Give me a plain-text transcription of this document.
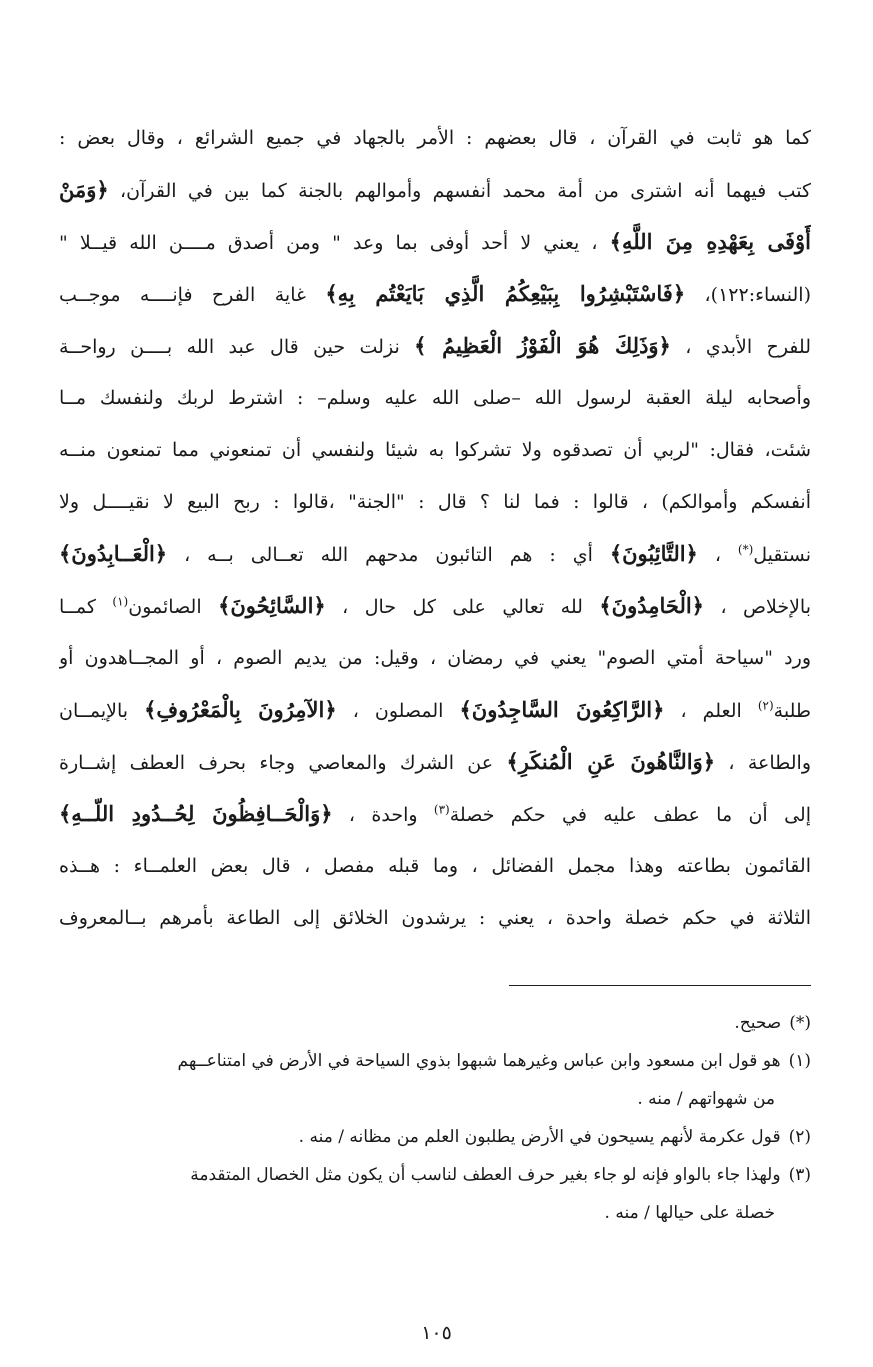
كما هو ثابت في القرآن ، قال بعضهم : الأمر بالجهاد في جميع الشرائع ، وقال بعض :
كتب فيهما أنه اشترى من أمة محمد أنفسهم وأموالهم بالجنة كما بين في القرآن، ﴿وَمَنْ
أَوْفَى بِعَهْدِهِ مِنَ اللَّهِ﴾ ، يعني لا أحد أوفى بما وعد " ومن أصدق مــــن الله قيــلا "
(النساء:١٢٢)، ﴿فَاسْتَبْشِرُوا بِبَيْعِكُمُ الَّذِي بَايَعْتُم بِهِ﴾ غاية الفرح فإنــــه موجــب
للفرح الأبدي ، ﴿وَذَلِكَ هُوَ الْفَوْزُ الْعَظِيمُ ﴾ نزلت حين قال عبد الله بــــن رواحــة
وأصحابه ليلة العقبة لرسول الله –صلى الله عليه وسلم– : اشترط لربك ولنفسك مــا
شئت، فقال: "لربي أن تصدقوه ولا تشركوا به شيئا ولنفسي أن تمنعوني مما تمنعون منــه
أنفسكم وأموالكم) ، قالوا : فما لنا ؟ قال : "الجنة" ،قالوا : ربح البيع لا نقيــــل ولا
نستقيل(*) ، ﴿التَّائِبُونَ﴾ أي : هم التائبون مدحهم الله تعــالى بــه ، ﴿الْعَــابِدُونَ﴾
بالإخلاص ، ﴿الْحَامِدُونَ﴾ لله تعالي على كل حال ، ﴿السَّائِحُونَ﴾ الصائمون$^{(١)}$ كمــا
ورد "سياحة أمتي الصوم" يعني في رمضان ، وقيل: من يديم الصوم ، أو المجــاهدون أو
طلبة$^{(٢)}$ العلم ، ﴿الرَّاكِعُونَ السَّاجِدُونَ﴾ المصلون ، ﴿الآمِرُونَ بِالْمَعْرُوفِ﴾ بالإيمــان
والطاعة ، ﴿وَالنَّاهُونَ عَنِ الْمُنكَرِ﴾ عن الشرك والمعاصي وجاء بحرف العطف إشــارة
إلى أن ما عطف عليه في حكم خصلة$^{(٣)}$ واحدة ، ﴿وَالْحَــافِظُونَ لِحُــدُودِ اللّــهِ﴾
القائمون بطاعته وهذا مجمل الفضائل ، وما قبله مفصل ، قال بعض العلمــاء : هــذه
الثلاثة في حكم خصلة واحدة ، يعني : يرشدون الخلائق إلى الطاعة بأمرهم بــالمعروف
(*)صحيح.
(١)هو قول ابن مسعود وابن عباس وغيرهما شبهوا بذوي السياحة في الأرض في امتناعــهم
من شهواتهم / منه .
(٢)قول عكرمة لأنهم يسيحون في الأرض يطلبون العلم من مظانه / منه .
(٣)ولهذا جاء بالواو فإنه لو جاء بغير حرف العطف لناسب أن يكون مثل الخصال المتقدمة
خصلة على حيالها / منه .
١٠٥
